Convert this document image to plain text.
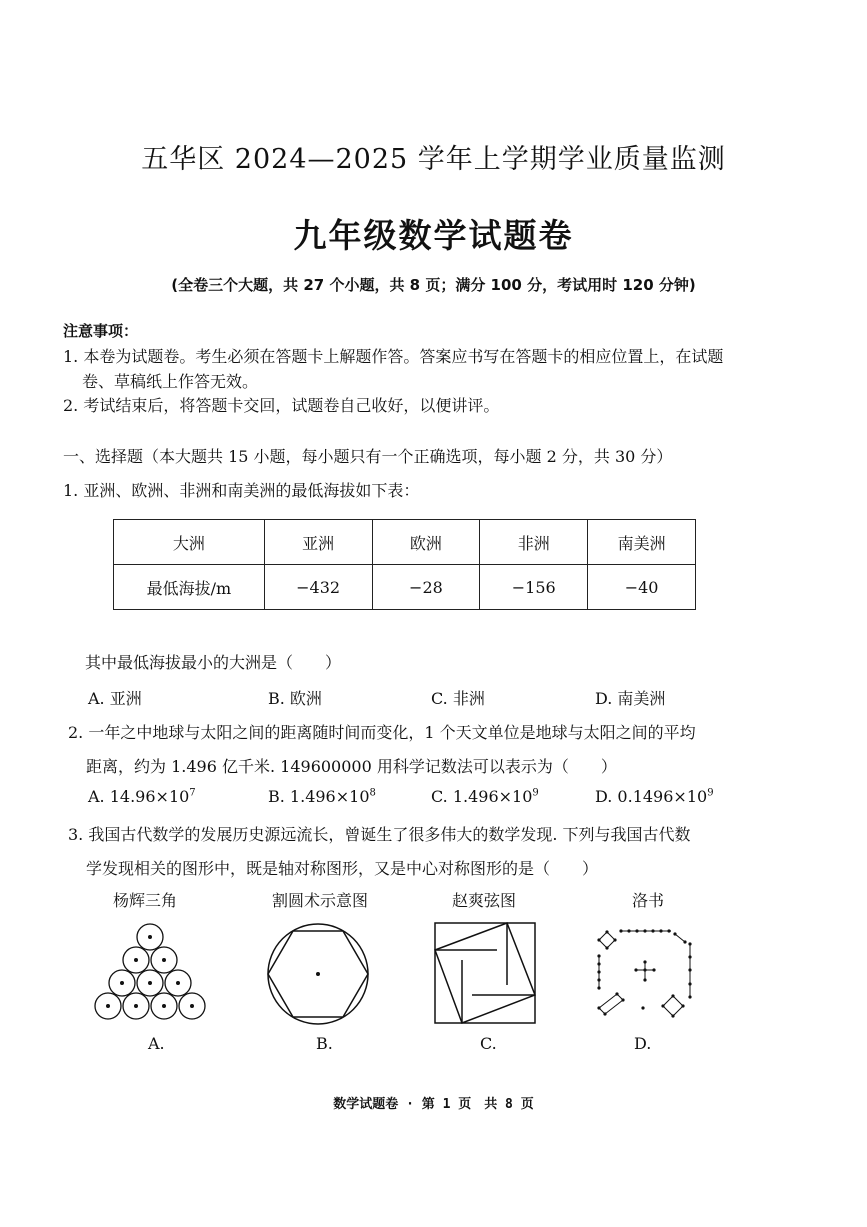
五华区 2024—2025 学年上学期学业质量监测
九年级数学试题卷
(全卷三个大题，共 27 个小题，共 8 页；满分 100 分，考试用时 120 分钟)
注意事项：
1. 本卷为试题卷。考生必须在答题卡上解题作答。答案应书写在答题卡的相应位置上，在试题
卷、草稿纸上作答无效。
2. 考试结束后，将答题卡交回，试题卷自己收好，以便讲评。
一、选择题（本大题共 15 小题，每小题只有一个正确选项，每小题 2 分，共 30 分）
1. 亚洲、欧洲、非洲和南美洲的最低海拔如下表：
大洲	亚洲	欧洲	非洲	南美洲
最低海拔/m	−432	−28	−156	−40
其中最低海拔最小的大洲是（　　）
A. 亚洲	B. 欧洲	C. 非洲	D. 南美洲
2. 一年之中地球与太阳之间的距离随时间而变化，1 个天文单位是地球与太阳之间的平均
距离，约为 1.496 亿千米. 149600000 用科学记数法可以表示为（　　）
A. $14.96\times 10^7$	B. $1.496\times 10^8$	C. $1.496\times 10^9$	D. $0.1496\times 10^9$
3. 我国古代数学的发展历史源远流长，曾诞生了很多伟大的数学发现. 下列与我国古代数
学发现相关的图形中，既是轴对称图形，又是中心对称图形的是（　　）
杨辉三角	割圆术示意图	赵爽弦图	洛书
A.	B.	C.	D.
数学试题卷 · 第 1 页　共 8 页
